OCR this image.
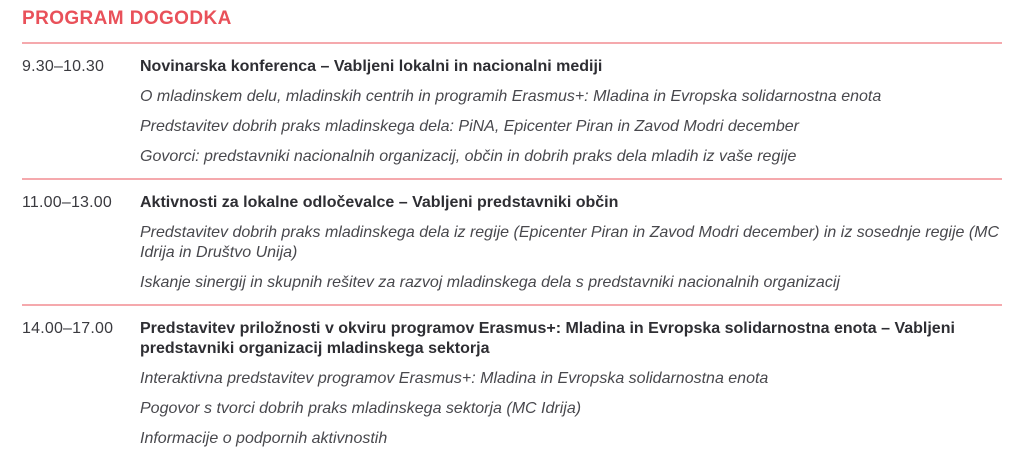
PROGRAM DOGODKA
9.30–10.30	Novinarska konferenca – Vabljeni lokalni in nacionalni mediji

O mladinskem delu, mladinskih centrih in programih Erasmus+: Mladina in Evropska solidarnostna enota

Predstavitev dobrih praks mladinskega dela: PiNA, Epicenter Piran in Zavod Modri december

Govorci: predstavniki nacionalnih organizacij, občin in dobrih praks dela mladih iz vaše regije

11.00–13.00	Aktivnosti za lokalne odločevalce – Vabljeni predstavniki občin

Predstavitev dobrih praks mladinskega dela iz regije (Epicenter Piran in Zavod Modri december) in iz sosednje regije (MC Idrija in Društvo Unija)

Iskanje sinergij in skupnih rešitev za razvoj mladinskega dela s predstavniki nacionalnih organizacij

14.00–17.00	Predstavitev priložnosti v okviru programov Erasmus+: Mladina in Evropska solidarnostna enota – Vabljeni predstavniki organizacij mladinskega sektorja

Interaktivna predstavitev programov Erasmus+: Mladina in Evropska solidarnostna enota

Pogovor s tvorci dobrih praks mladinskega sektorja (MC Idrija)

Informacije o podpornih aktivnostih
